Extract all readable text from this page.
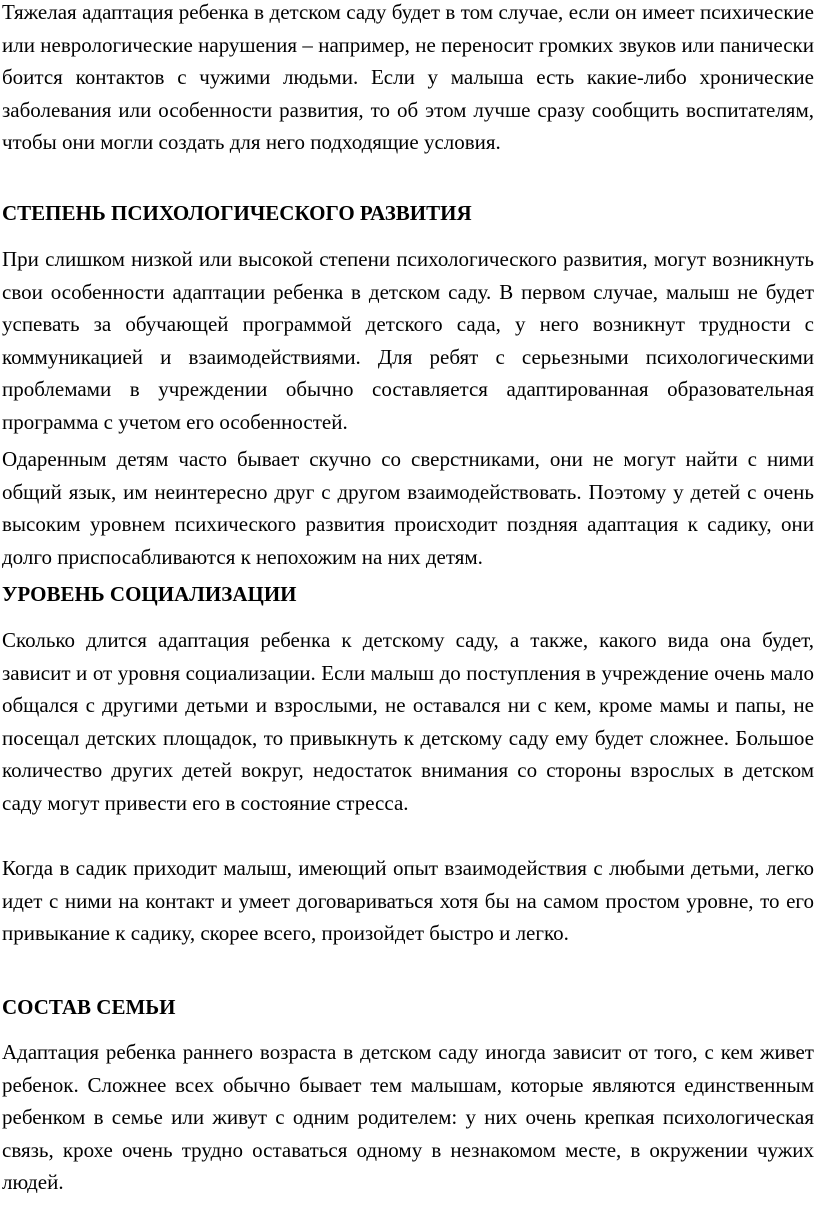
Тяжелая адаптация ребенка в детском саду будет в том случае, если он имеет психические или неврологические нарушения – например, не переносит громких звуков или панически боится контактов с чужими людьми. Если у малыша есть какие-либо хронические заболевания или особенности развития, то об этом лучше сразу сообщить воспитателям, чтобы они могли создать для него подходящие условия.

СТЕПЕНЬ ПСИХОЛОГИЧЕСКОГО РАЗВИТИЯ

При слишком низкой или высокой степени психологического развития, могут возникнуть свои особенности адаптации ребенка в детском саду. В первом случае, малыш не будет успевать за обучающей программой детского сада, у него возникнут трудности с коммуникацией и взаимодействиями. Для ребят с серьезными психологическими проблемами в учреждении обычно составляется адаптированная образовательная программа с учетом его особенностей.

Одаренным детям часто бывает скучно со сверстниками, они не могут найти с ними общий язык, им неинтересно друг с другом взаимодействовать. Поэтому у детей с очень высоким уровнем психического развития происходит поздняя адаптация к садику, они долго приспосабливаются к непохожим на них детям.

УРОВЕНЬ СОЦИАЛИЗАЦИИ

Сколько длится адаптация ребенка к детскому саду, а также, какого вида она будет, зависит и от уровня социализации. Если малыш до поступления в учреждение очень мало общался с другими детьми и взрослыми, не оставался ни с кем, кроме мамы и папы, не посещал детских площадок, то привыкнуть к детскому саду ему будет сложнее. Большое количество других детей вокруг, недостаток внимания со стороны взрослых в детском саду могут привести его в состояние стресса.

Когда в садик приходит малыш, имеющий опыт взаимодействия с любыми детьми, легко идет с ними на контакт и умеет договариваться хотя бы на самом простом уровне, то его привыкание к садику, скорее всего, произойдет быстро и легко.

СОСТАВ СЕМЬИ

Адаптация ребенка раннего возраста в детском саду иногда зависит от того, с кем живет ребенок. Сложнее всех обычно бывает тем малышам, которые являются единственным ребенком в семье или живут с одним родителем: у них очень крепкая психологическая связь, крохе очень трудно оставаться одному в незнакомом месте, в окружении чужих людей.
